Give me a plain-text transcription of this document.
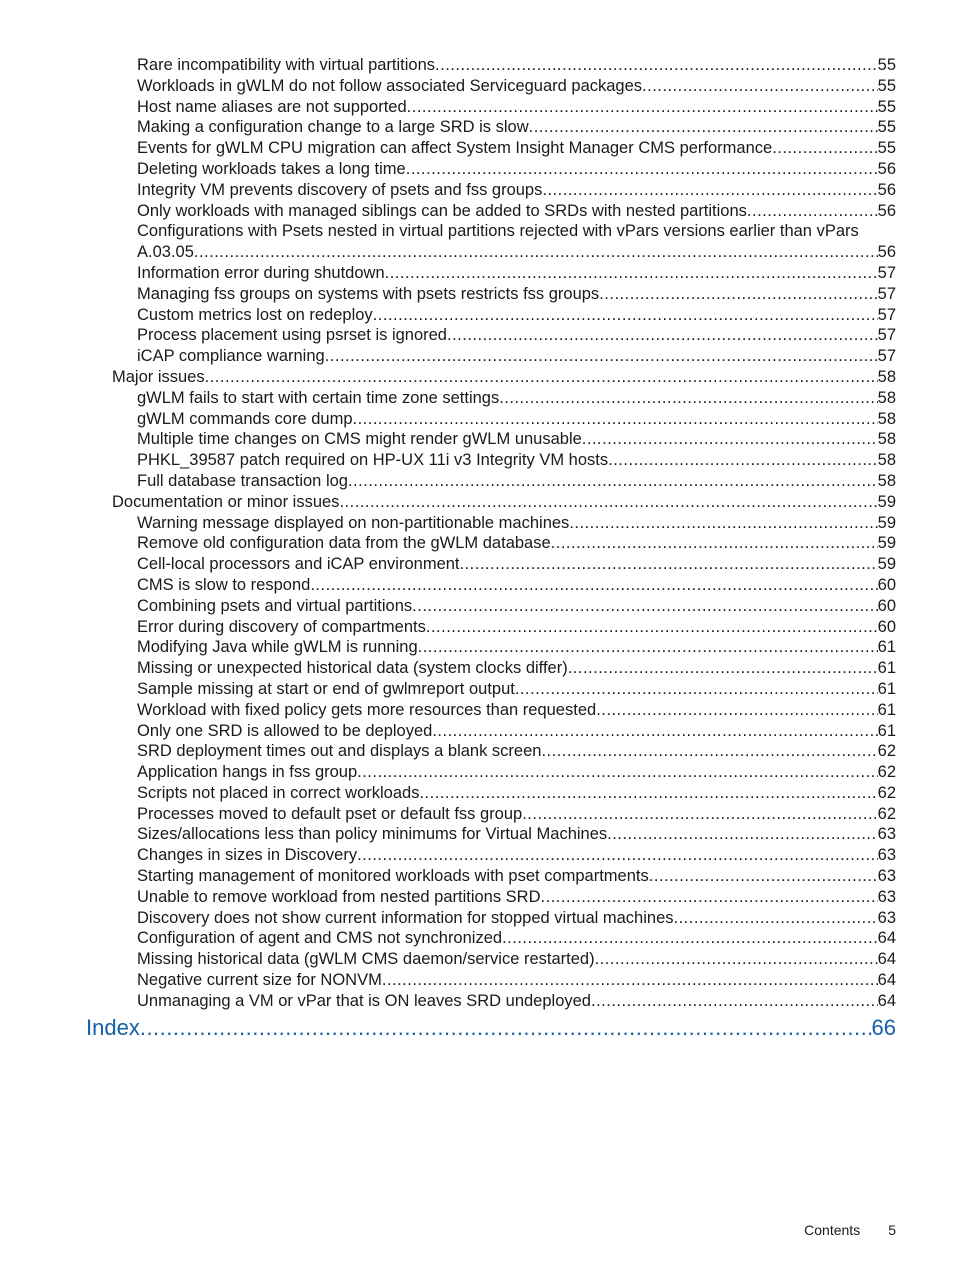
Rare incompatibility with virtual partitions .....	55
Workloads in gWLM do not follow associated Serviceguard packages .....	55
Host name aliases are not supported .....	55
Making a configuration change to a large SRD is slow .....	55
Events for gWLM CPU migration can affect System Insight Manager CMS performance .....	55
Deleting workloads takes a long time .....	56
Integrity VM prevents discovery of psets and fss groups .....	56
Only workloads with managed siblings can be added to SRDs with nested partitions .....	56
Configurations with Psets nested in virtual partitions rejected with vPars versions earlier than vPars
A.03.05 .....	56
Information error during shutdown .....	57
Managing fss groups on systems with psets restricts fss groups .....	57
Custom metrics lost on redeploy .....	57
Process placement using psrset is ignored .....	57
iCAP compliance warning .....	57
Major issues .....	58
gWLM fails to start with certain time zone settings .....	58
gWLM commands core dump .....	58
Multiple time changes on CMS might render gWLM unusable .....	58
PHKL_39587 patch required on HP-UX 11i v3 Integrity VM hosts .....	58
Full database transaction log .....	58
Documentation or minor issues .....	59
Warning message displayed on non-partitionable machines .....	59
Remove old configuration data from the gWLM database .....	59
Cell-local processors and iCAP environment .....	59
CMS is slow to respond .....	60
Combining psets and virtual partitions .....	60
Error during discovery of compartments .....	60
Modifying Java while gWLM is running .....	61
Missing or unexpected historical data (system clocks differ) .....	61
Sample missing at start or end of gwlmreport output .....	61
Workload with fixed policy gets more resources than requested .....	61
Only one SRD is allowed to be deployed .....	61
SRD deployment times out and displays a blank screen .....	62
Application hangs in fss group .....	62
Scripts not placed in correct workloads .....	62
Processes moved to default pset or default fss group .....	62
Sizes/allocations less than policy minimums for Virtual Machines .....	63
Changes in sizes in Discovery .....	63
Starting management of monitored workloads with pset compartments .....	63
Unable to remove workload from nested partitions SRD .....	63
Discovery does not show current information for stopped virtual machines .....	63
Configuration of agent and CMS not synchronized .....	64
Missing historical data (gWLM CMS daemon/service restarted) .....	64
Negative current size for NONVM .....	64
Unmanaging a VM or vPar that is ON leaves SRD undeployed .....	64
Index .....	66
Contents 5
